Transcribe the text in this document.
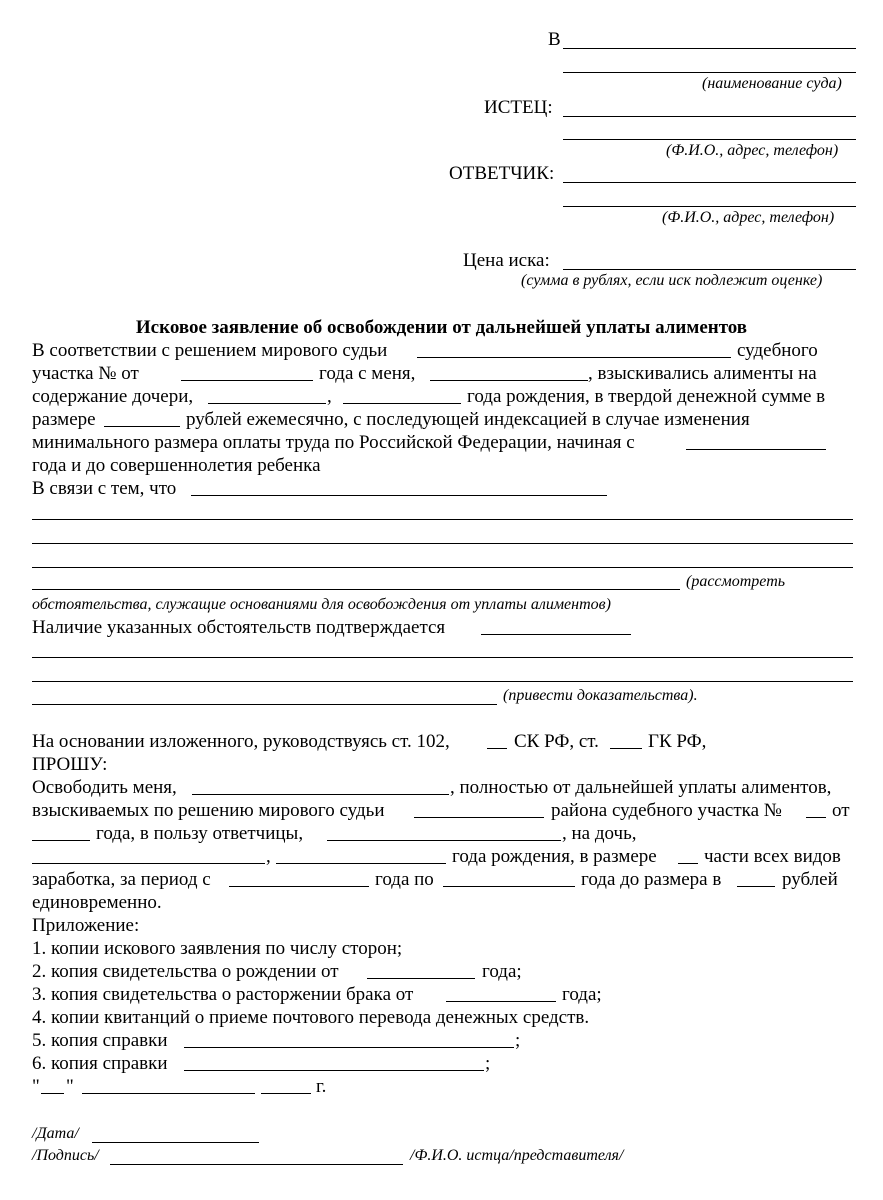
В
(наименование суда)
ИСТЕЦ:
(Ф.И.О., адрес, телефон)
ОТВЕТЧИК:
(Ф.И.О., адрес, телефон)
Цена иска:
(сумма в рублях, если иск подлежит оценке)
Исковое заявление об освобождении от дальнейшей уплаты алиментов
В соответствии с решением мирового судьи	судебного
участка № от	года с меня,	, взыскивались алименты на
содержание дочери,	,	года рождения, в твердой денежной сумме в
размере	рублей ежемесячно, с последующей индексацией в случае изменения
минимального размера оплаты труда по Российской Федерации, начиная с
года и до совершеннолетия ребенка
В связи с тем, что
(рассмотреть
обстоятельства, служащие основаниями для освобождения от уплаты алиментов)
Наличие указанных обстоятельств подтверждается
(привести доказательства).
На основании изложенного, руководствуясь ст. 102,	СК РФ, ст.	ГК РФ,
ПРОШУ:
Освободить меня,	, полностью от дальнейшей уплаты алиментов,
взыскиваемых по решению мирового судьи	района судебного участка №	от
года, в пользу ответчицы,	, на дочь,
,	года рождения, в размере части всех видов
заработка, за период с	года по	года до размера в	рублей
единовременно.
Приложение:
1. копии искового заявления по числу сторон;
2. копия свидетельства о рождении от	года;
3. копия свидетельства о расторжении брака от	года;
4. копии квитанций о приеме почтового перевода денежных средств.
5. копия справки	;
6. копия справки	;
" "	г.
/Дата/
/Подпись/	/Ф.И.О. истца/представителя/
